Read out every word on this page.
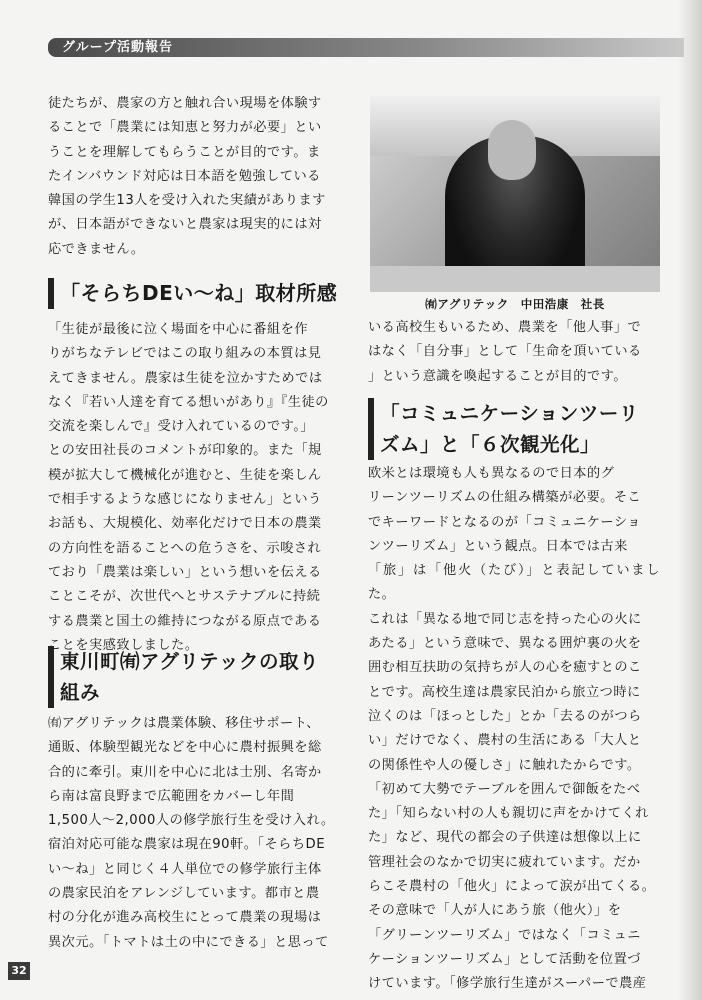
グループ活動報告

徒たちが、農家の方と触れ合い現場を体験す
ることで「農業には知恵と努力が必要」とい
うことを理解してもらうことが目的です。ま
たインバウンド対応は日本語を勉強している
韓国の学生13人を受け入れた実績があります
が、日本語ができないと農家は現実的には対
応できません。

「そらちDEい〜ね」取材所感

「生徒が最後に泣く場面を中心に番組を作
りがちなテレビではこの取り組みの本質は見
えてきません。農家は生徒を泣かすためでは
なく『若い人達を育てる想いがあり』『生徒の
交流を楽しんで』受け入れているのです。」
との安田社長のコメントが印象的。また「規
模が拡大して機械化が進むと、生徒を楽しん
で相手するような感じになりません」という
お話も、大規模化、効率化だけで日本の農業
の方向性を語ることへの危うさを、示唆され
ており「農業は楽しい」という想いを伝える
ことこそが、次世代へとサステナブルに持続
する農業と国土の維持につながる原点である
ことを実感致しました。

東川町㈲アグリテックの取り
組み

㈲アグリテックは農業体験、移住サポート、
通販、体験型観光などを中心に農村振興を総
合的に牽引。東川を中心に北は士別、名寄か
ら南は富良野まで広範囲をカバーし年間
1,500人〜2,000人の修学旅行生を受け入れ。
宿泊対応可能な農家は現在90軒。「そらちDE
い〜ね」と同じく４人単位での修学旅行主体
の農家民泊をアレンジしています。都市と農
村の分化が進み高校生にとって農業の現場は
異次元。「トマトは土の中にできる」と思って

㈲アグリテック　中田浩康　社長

いる高校生もいるため、農業を「他人事」で
はなく「自分事」として「生命を頂いている
」という意識を喚起することが目的です。

「コミュニケーションツーリ
ズム」と「６次観光化」

欧米とは環境も人も異なるので日本的グ
リーンツーリズムの仕組み構築が必要。そこ
でキーワードとなるのが「コミュニケーショ
ンツーリズム」という観点。日本では古来
「旅」は「他火（たび）」と表記していました。
これは「異なる地で同じ志を持った心の火に
あたる」という意味で、異なる囲炉裏の火を
囲む相互扶助の気持ちが人の心を癒すとのこ
とです。高校生達は農家民泊から旅立つ時に
泣くのは「ほっとした」とか「去るのがつら
い」だけでなく、農村の生活にある「大人と
の関係性や人の優しさ」に触れたからです。
「初めて大勢でテーブルを囲んで御飯をたべ
た」「知らない村の人も親切に声をかけてくれ
た」など、現代の都会の子供達は想像以上に
管理社会のなかで切実に疲れています。だか
らこそ農村の「他火」によって涙が出てくる。
その意味で「人が人にあう旅（他火）」を
「グリーンツーリズム」ではなく「コミュニ
ケーションツーリズム」として活動を位置づ
けています。「修学旅行生達がスーパーで農産

32
